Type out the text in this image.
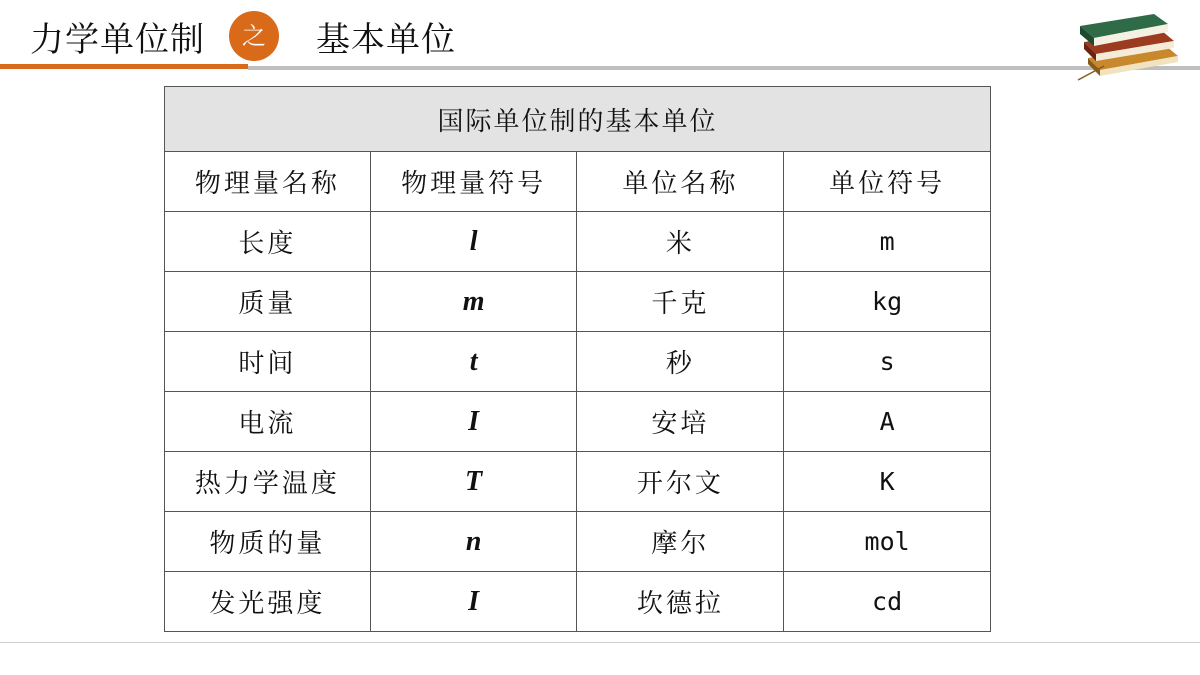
力学单位制	之	基本单位
国际单位制的基本单位			
物理量名称	物理量符号	单位名称	单位符号
长度	l	米	m
质量	m	千克	kg
时间	t	秒	s
电流	I	安培	A
热力学温度	T	开尔文	K
物质的量	n	摩尔	mol
发光强度	I	坎德拉	cd
